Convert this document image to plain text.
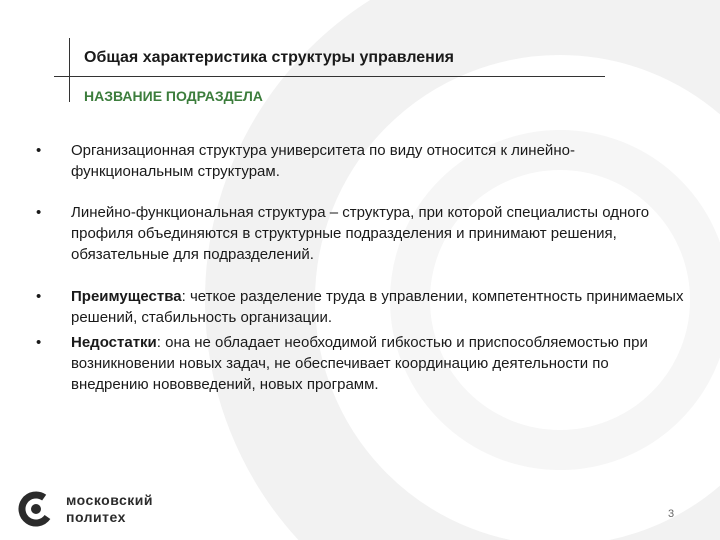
Общая характеристика структуры управления
НАЗВАНИЕ ПОДРАЗДЕЛА
• Организационная структура университета по виду относится к линейно-функциональным структурам.
• Линейно-функциональная структура – структура, при которой специалисты одного профиля объединяются в структурные подразделения и принимают решения, обязательные для подразделений.
• Преимущества: четкое разделение труда в управлении, компетентность принимаемых решений, стабильность организации.
• Недостатки: она не обладает необходимой гибкостью и приспособляемостью при возникновении новых задач, не обеспечивает координацию деятельности по внедрению нововведений, новых программ.
московский
политех	3
